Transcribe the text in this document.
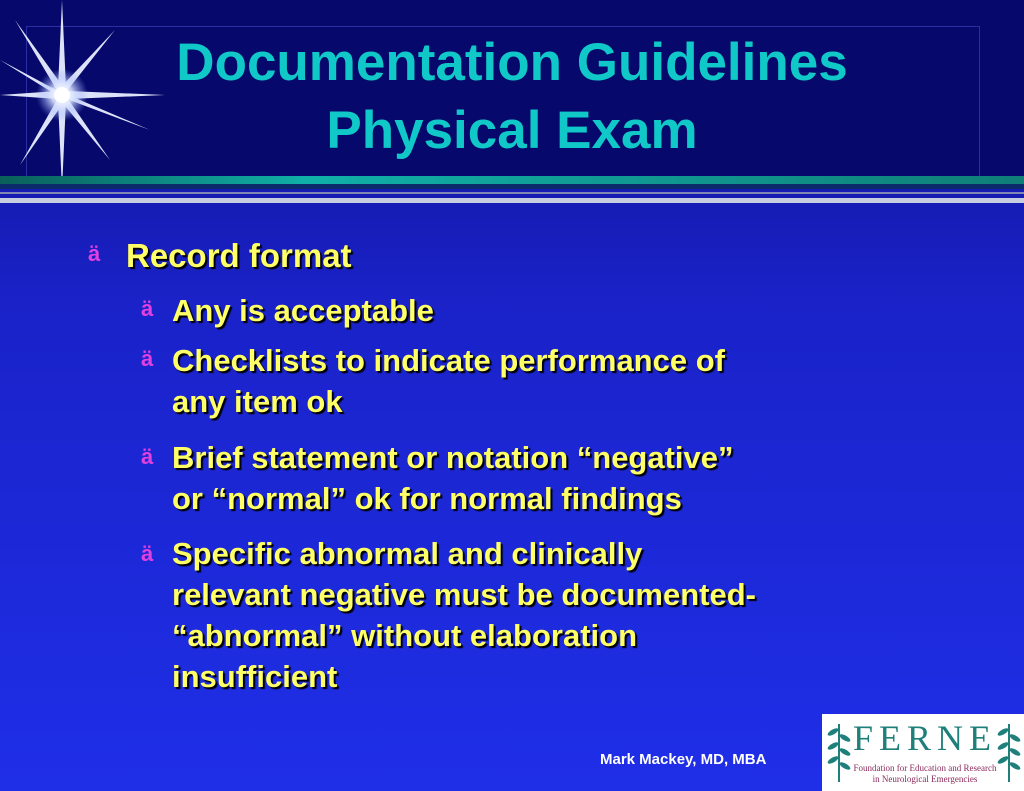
Documentation Guidelines
Physical Exam
ä Record format
ä Any is acceptable
ä Checklists to indicate performance of
any item ok
ä Brief statement or notation “negative”
or “normal” ok for normal findings
ä Specific abnormal and clinically
relevant negative must be documented-
“abnormal” without elaboration
insufficient
Mark Mackey, MD, MBA
FERNE
Foundation for Education and Research
in Neurological Emergencies
